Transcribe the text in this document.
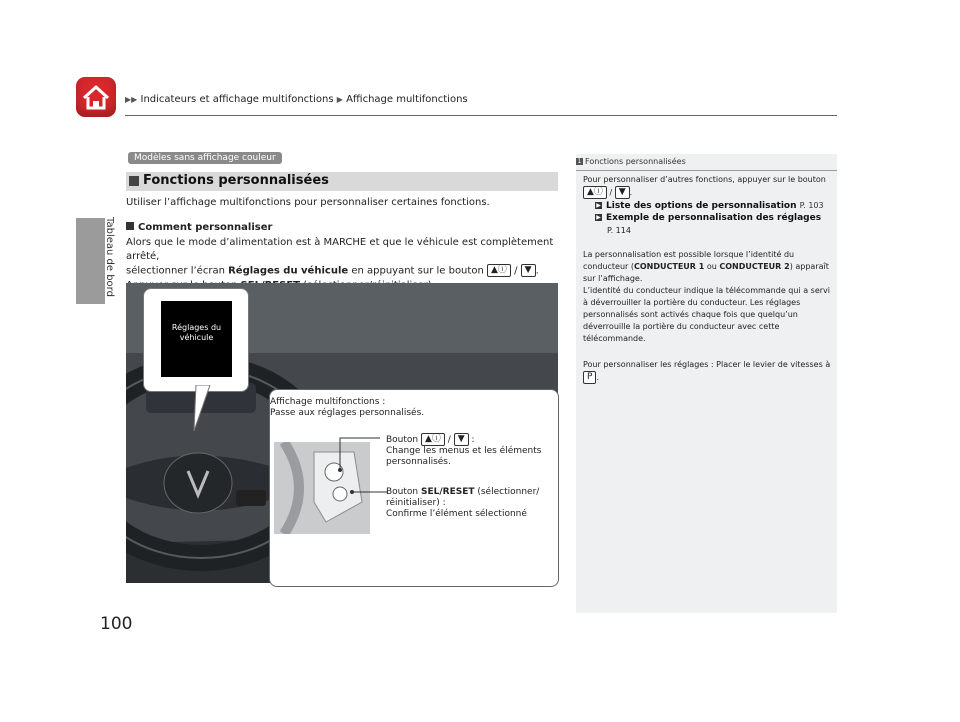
Tableau de bord
100
▶▶ Indicateurs et affichage multifonctions ▶ Affichage multifonctions
Modèles sans affichage couleur
Fonctions personnalisées
Utiliser l’affichage multifonctions pour personnaliser certaines fonctions.
Comment personnaliser
Alors que le mode d’alimentation est à MARCHE et que le véhicule est complètement arrêté,
sélectionner l’écran Réglages du véhicule en appuyant sur le bouton ▲ⓘ / ▼ .

Réglages du
véhicule
Affichage multifonctions :
Passe aux réglages personnalisés.
Bouton ▲ⓘ / ▼ :
Change les menus et les éléments
personnalisés.
Bouton SEL/RESET (sélectionner/
réinitialiser) :
Confirme l’élément sélectionné
1 Fonctions personnalisées
Pour personnaliser d’autres fonctions, appuyer sur le bouton
▲ⓘ / ▼ .
▶ Liste des options de personnalisation P. 103
▶ Exemple de personnalisation des réglages
P. 114
La personnalisation est possible lorsque l’identité du
conducteur (CONDUCTEUR 1 ou CONDUCTEUR 2) apparaît
sur l’affichage.
L’identité du conducteur indique la télécommande qui a servi
à déverrouiller la portière du conducteur. Les réglages
personnalisés sont activés chaque fois que quelqu’un
déverrouille la portière du conducteur avec cette
télécommande.
Pour personnaliser les réglages : Placer le levier de vitesses à
P .
